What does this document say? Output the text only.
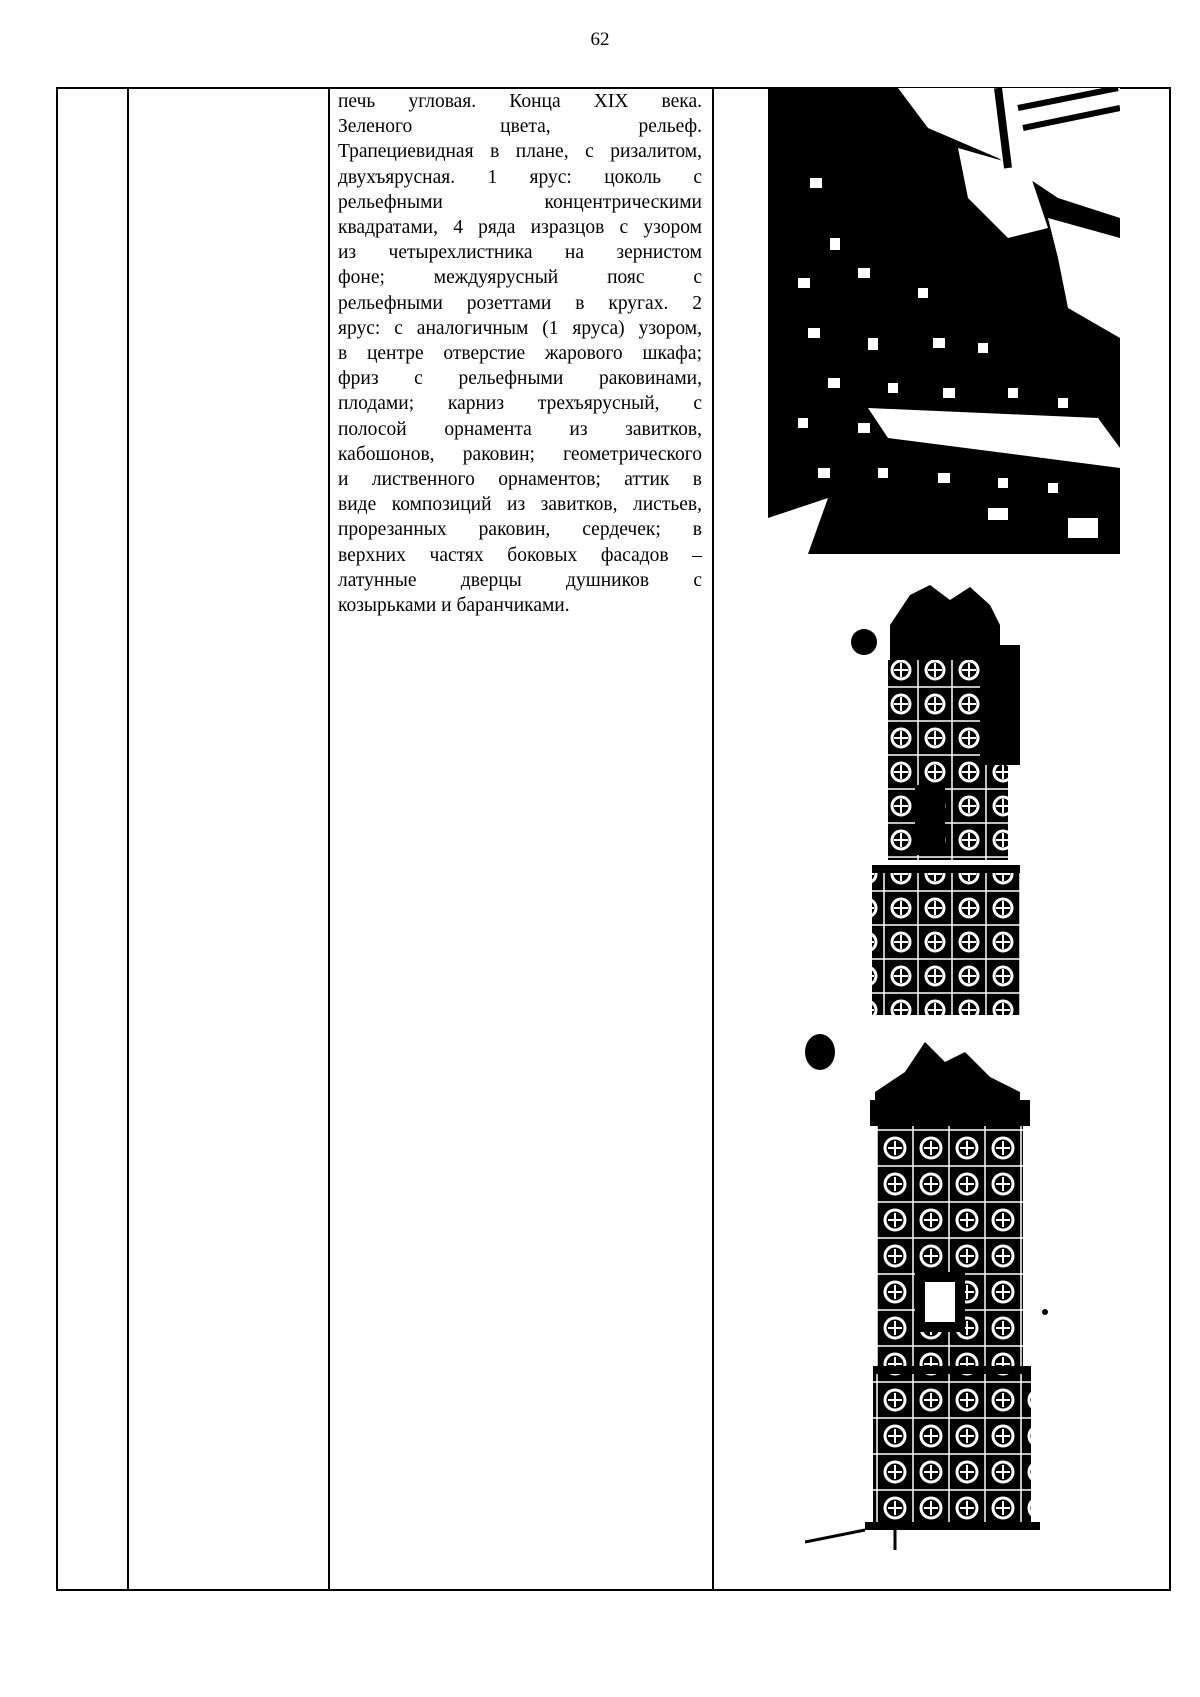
62
печь угловая. Конца XIX века.
Зеленого цвета, рельеф.
Трапециевидная в плане, с ризалитом,
двухъярусная. 1 ярус: цоколь с
рельефными концентрическими
квадратами, 4 ряда изразцов с узором
из четырехлистника на зернистом
фоне; междуярусный пояс с
рельефными розеттами в кругах. 2
ярус: с аналогичным (1 яруса) узором,
в центре отверстие жарового шкафа;
фриз с рельефными раковинами,
плодами; карниз трехъярусный, с
полосой орнамента из завитков,
кабошонов, раковин; геометрического
и лиственного орнаментов; аттик в
виде композиций из завитков, листьев,
прорезанных раковин, сердечек; в
верхних частях боковых фасадов –
латунные дверцы душников с
козырьками и баранчиками.
